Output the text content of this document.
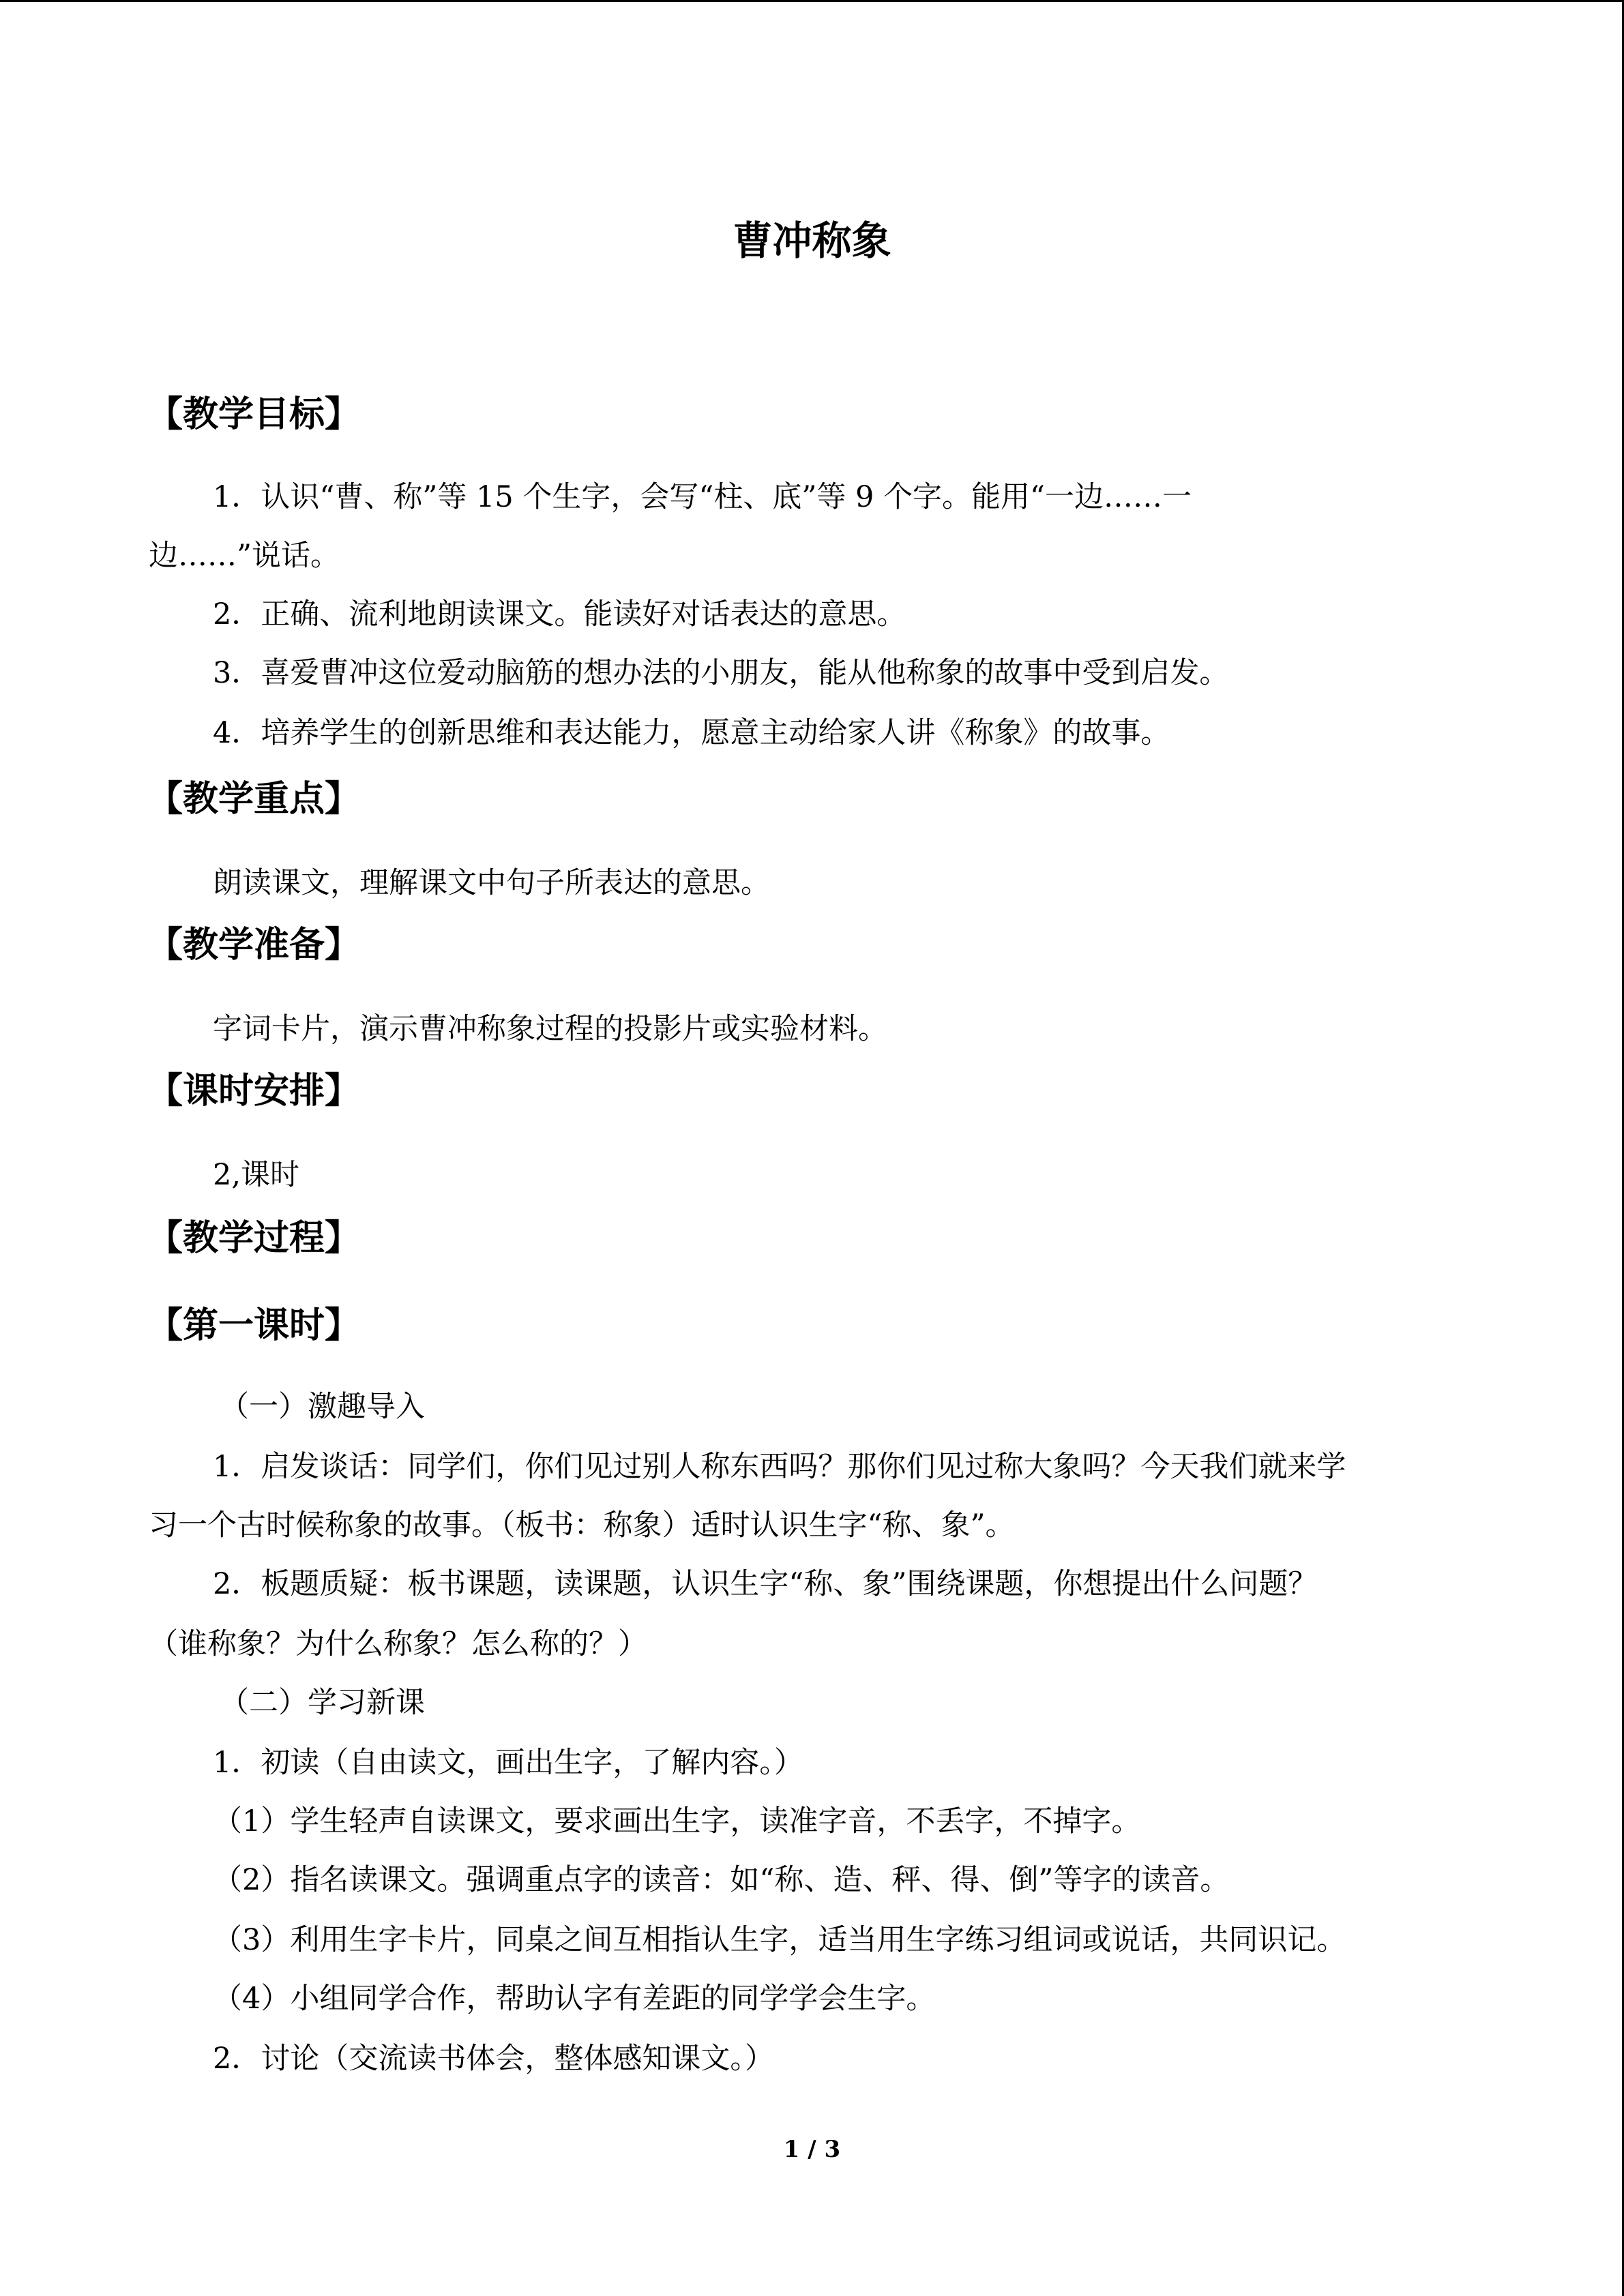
曹冲称象
【教学目标】
1．认识“曹、称”等 15 个生字，会写“柱、底”等 9 个字。能用“一边……一
边……”说话。
2．正确、流利地朗读课文。能读好对话表达的意思。
3．喜爱曹冲这位爱动脑筋的想办法的小朋友，能从他称象的故事中受到启发。
4．培养学生的创新思维和表达能力，愿意主动给家人讲《称象》的故事。
【教学重点】
朗读课文，理解课文中句子所表达的意思。
【教学准备】
字词卡片，演示曹冲称象过程的投影片或实验材料。
【课时安排】
2,课时
【教学过程】
【第一课时】
（一）激趣导入
1．启发谈话：同学们，你们见过别人称东西吗？那你们见过称大象吗？今天我们就来学
习一个古时候称象的故事。（板书：称象）适时认识生字“称、象”。
2．板题质疑：板书课题，读课题，认识生字“称、象”围绕课题，你想提出什么问题？
（谁称象？为什么称象？怎么称的？）
（二）学习新课
1．初读（自由读文，画出生字，了解内容。）
（1）学生轻声自读课文，要求画出生字，读准字音，不丢字，不掉字。
（2）指名读课文。强调重点字的读音：如“称、造、秤、得、倒”等字的读音。
（3）利用生字卡片，同桌之间互相指认生字，适当用生字练习组词或说话，共同识记。
（4）小组同学合作，帮助认字有差距的同学学会生字。
2．讨论（交流读书体会，整体感知课文。）
1 / 3
